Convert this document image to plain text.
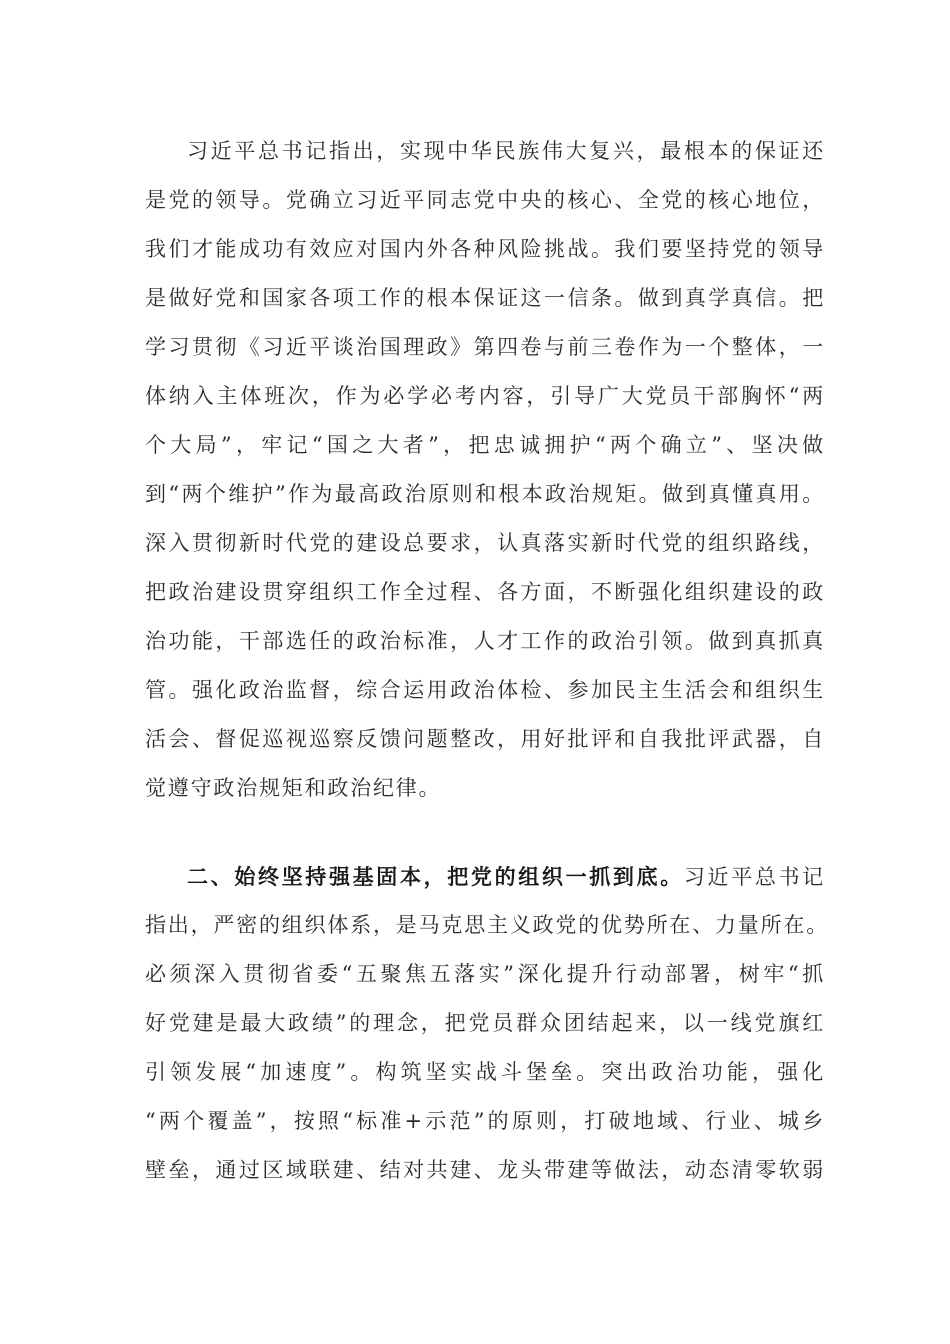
习近平总书记指出，实现中华民族伟大复兴，最根本的保证还
是党的领导。党确立习近平同志党中央的核心、全党的核心地位，
我们才能成功有效应对国内外各种风险挑战。我们要坚持党的领导
是做好党和国家各项工作的根本保证这一信条。做到真学真信。把
学习贯彻《习近平谈治国理政》第四卷与前三卷作为一个整体，一
体纳入主体班次，作为必学必考内容，引导广大党员干部胸怀“两
个大局”，牢记“国之大者”，把忠诚拥护“两个确立”、坚决做
到“两个维护”作为最高政治原则和根本政治规矩。做到真懂真用。
深入贯彻新时代党的建设总要求，认真落实新时代党的组织路线，
把政治建设贯穿组织工作全过程、各方面，不断强化组织建设的政
治功能，干部选任的政治标准，人才工作的政治引领。做到真抓真
管。强化政治监督，综合运用政治体检、参加民主生活会和组织生
活会、督促巡视巡察反馈问题整改，用好批评和自我批评武器，自
觉遵守政治规矩和政治纪律。
二、始终坚持强基固本，把党的组织一抓到底。习近平总书记
指出，严密的组织体系，是马克思主义政党的优势所在、力量所在。
必须深入贯彻省委“五聚焦五落实”深化提升行动部署，树牢“抓
好党建是最大政绩”的理念，把党员群众团结起来，以一线党旗红
引领发展“加速度”。构筑坚实战斗堡垒。突出政治功能，强化
“两个覆盖”，按照“标准+示范”的原则，打破地域、行业、城乡
壁垒，通过区域联建、结对共建、龙头带建等做法，动态清零软弱
